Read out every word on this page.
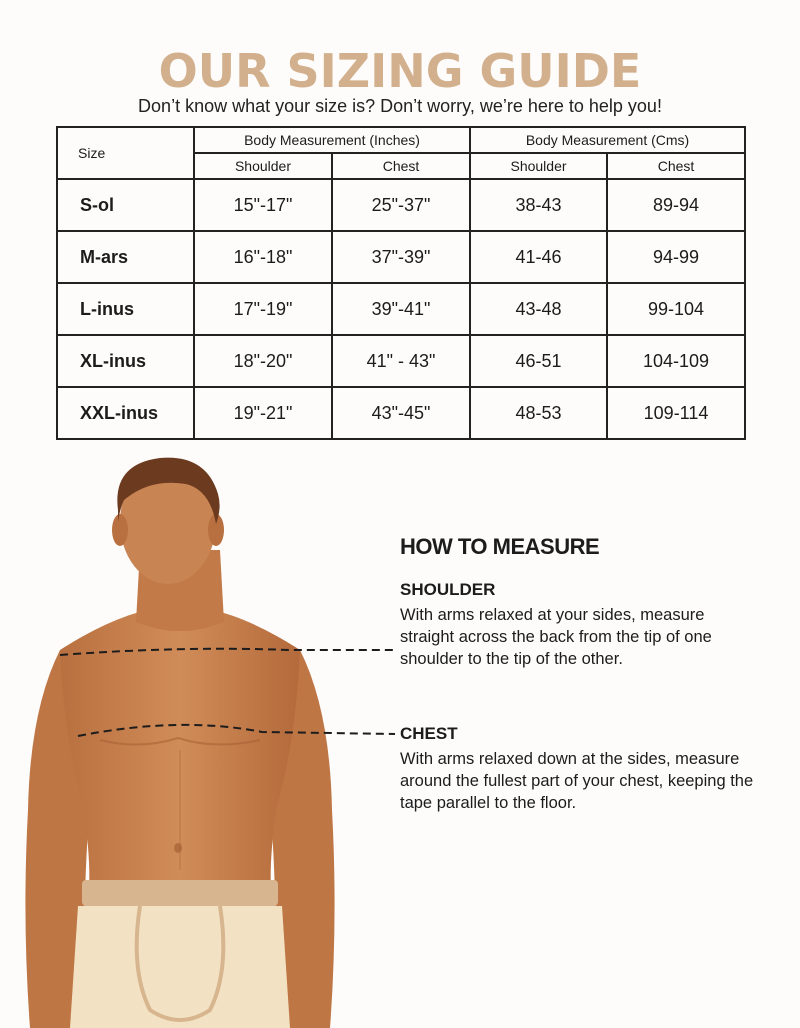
OUR SIZING GUIDE
Don’t know what your size is? Don’t worry, we’re here to help you!
Size	Body Measurement (Inches)		Body Measurement (Cms)	
	Shoulder	Chest	Shoulder	Chest
S-ol	15"-17"	25"-37"	38-43	89-94
M-ars	16"-18"	37"-39"	41-46	94-99
L-inus	17"-19"	39"-41"	43-48	99-104
XL-inus	18"-20"	41" - 43"	46-51	104-109
XXL-inus	19"-21"	43"-45"	48-53	109-114
HOW TO MEASURE
SHOULDER
With arms relaxed at your sides, measure straight across the back from the tip of one shoulder to the tip of the other.
CHEST
With arms relaxed down at the sides, measure around the fullest part of your chest, keeping the tape parallel to the floor.
